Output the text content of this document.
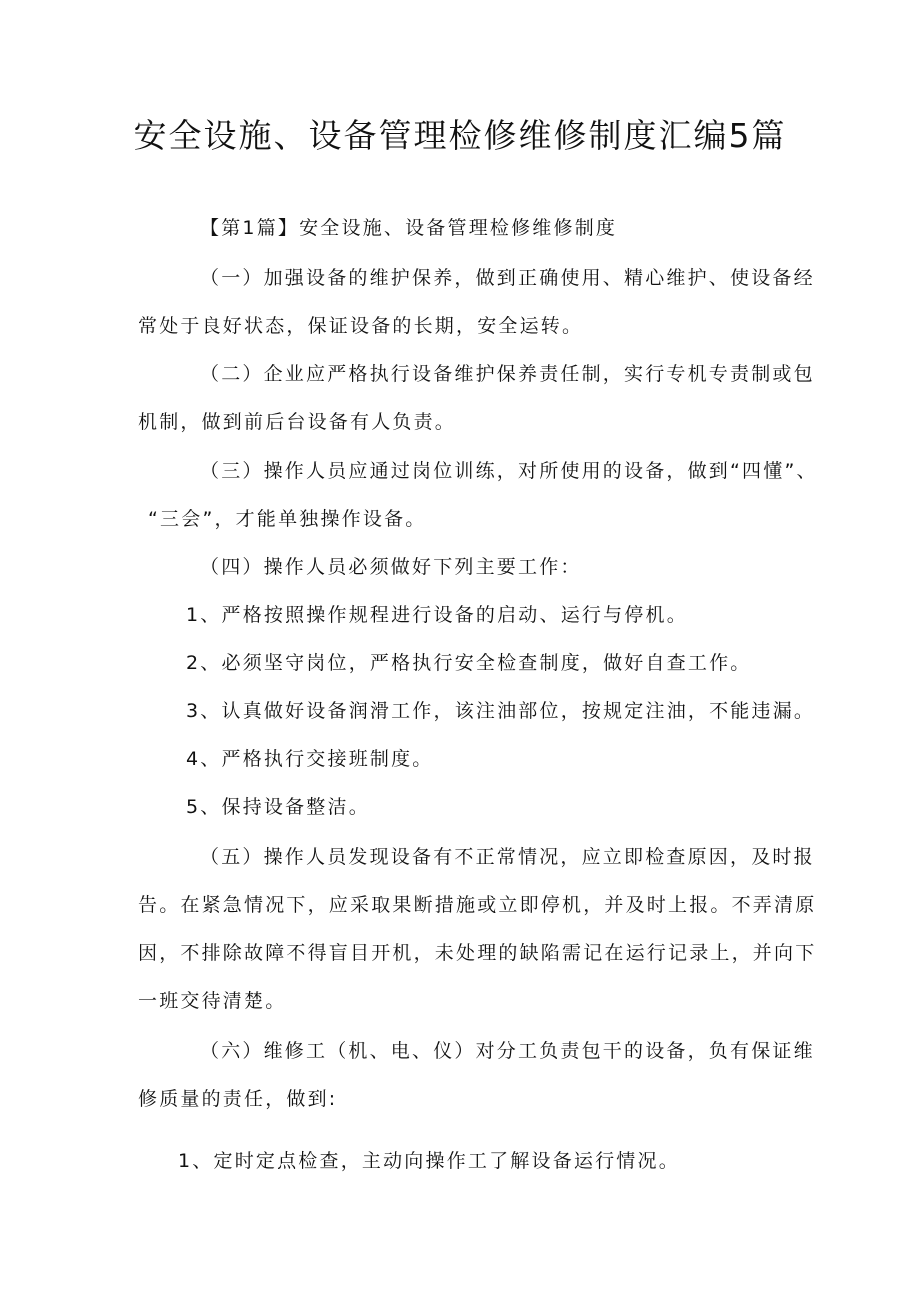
安全设施、设备管理检修维修制度汇编5篇
【第1篇】安全设施、设备管理检修维修制度
（一）加强设备的维护保养，做到正确使用、精心维护、使设备经
常处于良好状态，保证设备的长期，安全运转。
（二）企业应严格执行设备维护保养责任制，实行专机专责制或包
机制，做到前后台设备有人负责。
（三）操作人员应通过岗位训练，对所使用的设备，做到“四懂”、
“三会”，才能单独操作设备。
（四）操作人员必须做好下列主要工作：
1、严格按照操作规程进行设备的启动、运行与停机。
2、必须坚守岗位，严格执行安全检查制度，做好自查工作。
3、认真做好设备润滑工作，该注油部位，按规定注油，不能违漏。
4、严格执行交接班制度。
5、保持设备整洁。
（五）操作人员发现设备有不正常情况，应立即检查原因，及时报
告。在紧急情况下，应采取果断措施或立即停机，并及时上报。不弄清原
因，不排除故障不得盲目开机，未处理的缺陷需记在运行记录上，并向下
一班交待清楚。
（六）维修工（机、电、仪）对分工负责包干的设备，负有保证维
修质量的责任，做到:
1、定时定点检查，主动向操作工了解设备运行情况。
